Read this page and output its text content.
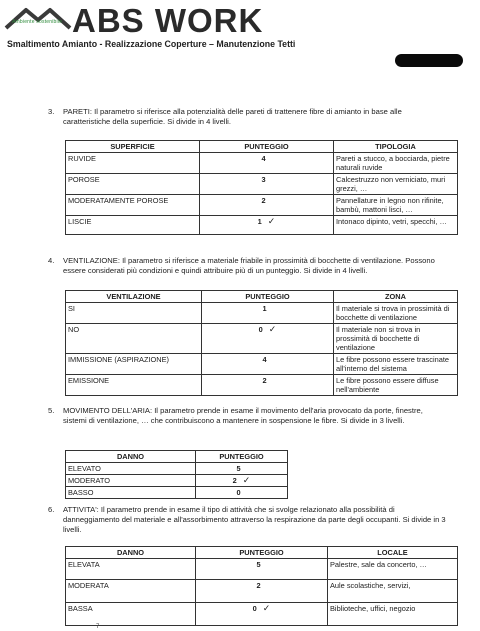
Ambiente sostenibile ABS WORK
Smaltimento Amianto - Realizzazione Coperture – Manutenzione Tetti
3. PARETI: Il parametro si riferisce alla potenzialità delle pareti di trattenere fibre di amianto in base alle caratteristiche della superficie. Si divide in 4 livelli.
SUPERFICIE	PUNTEGGIO	TIPOLOGIA
RUVIDE	4	Pareti a stucco, a bocciarda, pietre naturali ruvide
POROSE	3	Calcestruzzo non verniciato, muri grezzi, …
MODERATAMENTE POROSE	2	Pannellature in legno non rifinite, bambù, mattoni lisci, …
LISCIE	1 ✓	Intonaco dipinto, vetri, specchi, …
4. VENTILAZIONE: Il parametro si riferisce a materiale friabile in prossimità di bocchette di ventilazione. Possono essere considerati più condizioni e quindi attribuire più di un punteggio. Si divide in 4 livelli.
VENTILAZIONE	PUNTEGGIO	ZONA
SI	1	Il materiale si trova in prossimità di bocchette di ventilazione
NO	0 ✓	Il materiale non si trova in prossimità di bocchette di ventilazione
IMMISSIONE (ASPIRAZIONE)	4	Le fibre possono essere trascinate all'interno del sistema
EMISSIONE	2	Le fibre possono essere diffuse nell'ambiente
5. MOVIMENTO DELL'ARIA: Il parametro prende in esame il movimento dell'aria provocato da porte, finestre, sistemi di ventilazione, … che contribuiscono a mantenere in sospensione le fibre. Si divide in 3 livelli.
DANNO	PUNTEGGIO
ELEVATO	5
MODERATO	2 ✓
BASSO	0
6. ATTIVITA': Il parametro prende in esame il tipo di attività che si svolge relazionato alla possibilità di danneggiamento del materiale e all'assorbimento attraverso la respirazione da parte degli occupanti. Si divide in 3 livelli.
DANNO	PUNTEGGIO	LOCALE
ELEVATA	5	Palestre, sale da concerto, …
MODERATA	2	Aule scolastiche, servizi,
BASSA	0 ✓	Biblioteche, uffici, negozio
7
